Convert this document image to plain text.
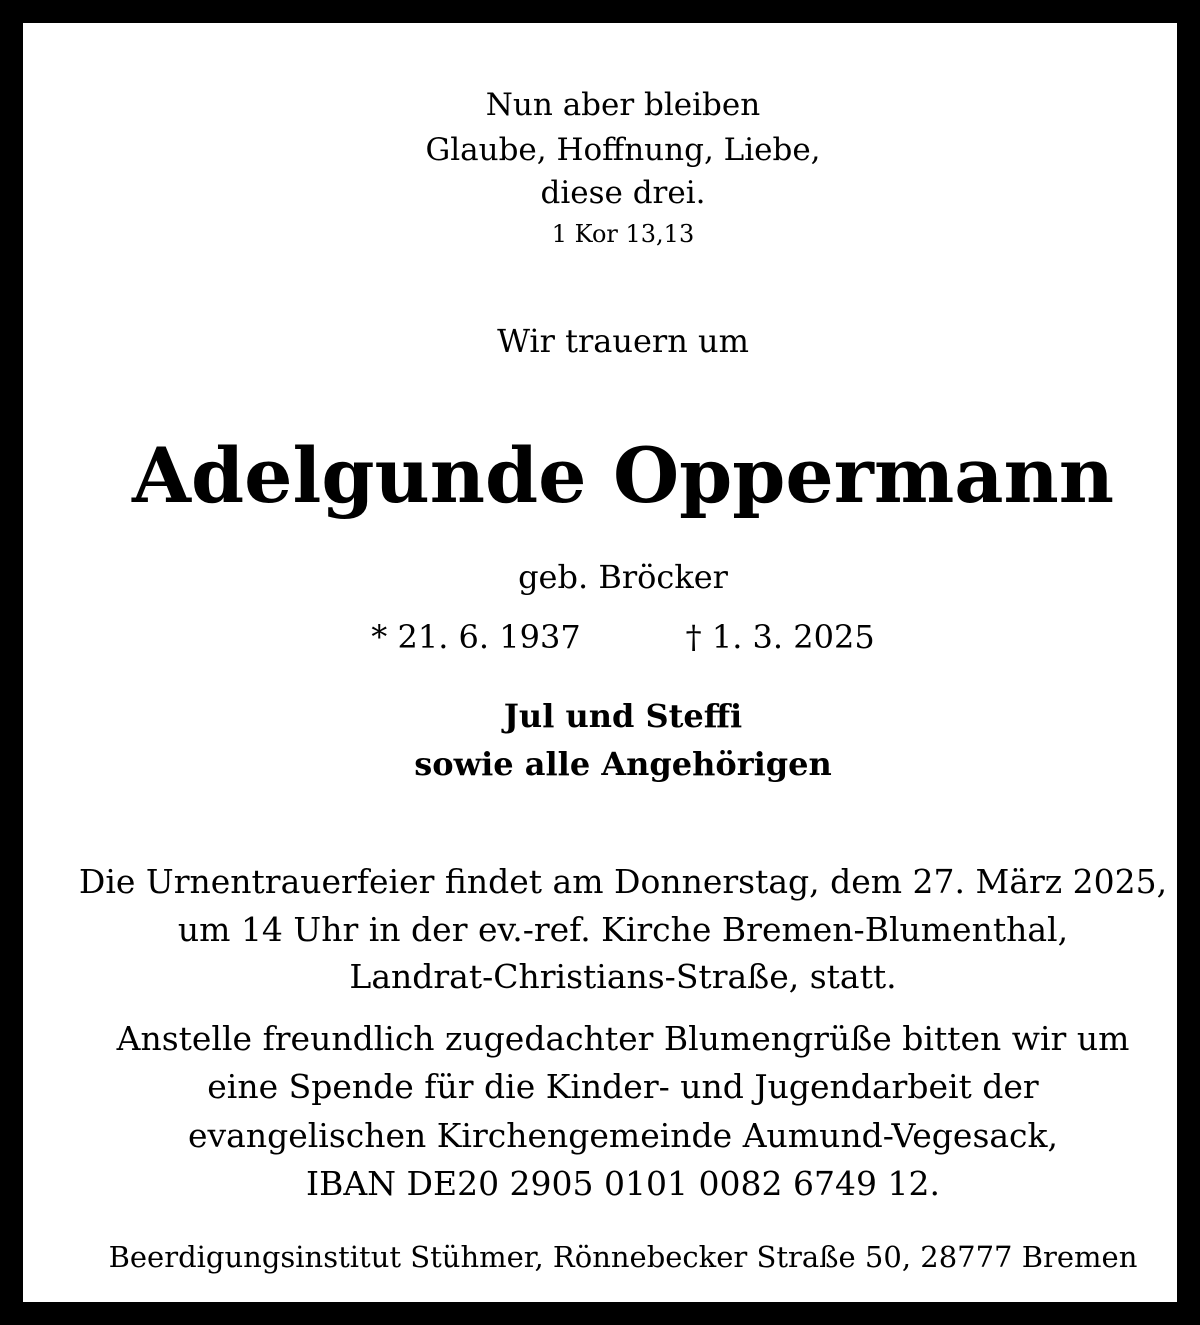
Nun aber bleiben
Glaube, Hoffnung, Liebe,
diese drei.
1 Kor 13,13
Wir trauern um
Adelgunde Oppermann
geb. Bröcker
* 21. 6. 1937	† 1. 3. 2025
Jul und Steffi
sowie alle Angehörigen
Die Urnentrauerfeier findet am Donnerstag, dem 27. März 2025,
um 14 Uhr in der ev.-ref. Kirche Bremen-Blumenthal,
Landrat-Christians-Straße, statt.
Anstelle freundlich zugedachter Blumengrüße bitten wir um
eine Spende für die Kinder- und Jugendarbeit der
evangelischen Kirchengemeinde Aumund-Vegesack,
IBAN DE20 2905 0101 0082 6749 12.
Beerdigungsinstitut Stühmer, Rönnebecker Straße 50, 28777 Bremen
